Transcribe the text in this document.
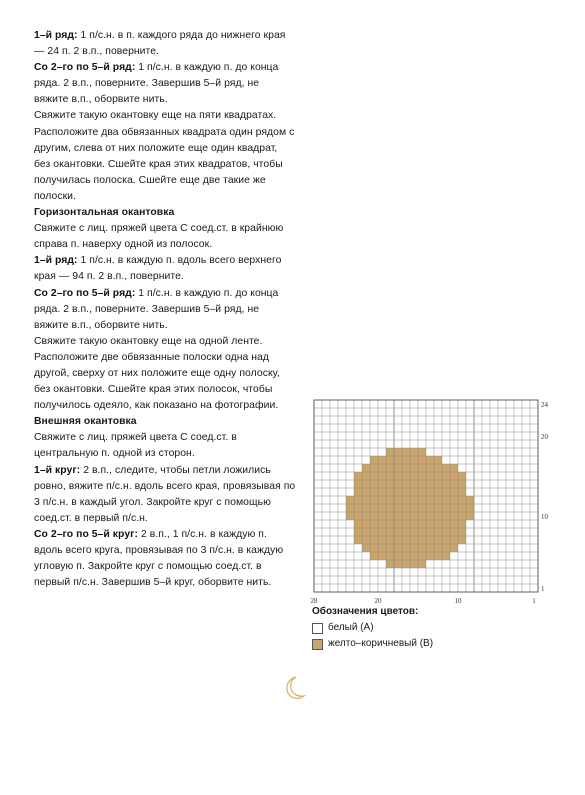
1–й ряд: 1 п/с.н. в п. каждого ряда до нижнего края — 24 п. 2 в.п., поверните.

Со 2–го по 5–й ряд: 1 п/с.н. в каждую п. до конца ряда. 2 в.п., поверните. Завершив 5–й ряд, не вяжите в.п., оборвите нить.

Свяжите такую окантовку еще на пяти квадратах. Расположите два обвязанных квадрата один рядом с другим, слева от них положите еще один квадрат, без окантовки. Сшейте края этих квадратов, чтобы получилась полоска. Сшейте еще две такие же полоски.

Горизонтальная окантовка

Свяжите с лиц. пряжей цвета С соед.ст. в крайнюю справа п. наверху одной из полосок.

1–й ряд: 1 п/с.н. в каждую п. вдоль всего верхнего края — 94 п. 2 в.п., поверните.

Со 2–го по 5–й ряд: 1 п/с.н. в каждую п. до конца ряда. 2 в.п., поверните. Завершив 5–й ряд, не вяжите в.п., оборвите нить.

Свяжите такую окантовку еще на одной ленте. Расположите две обвязанные полоски одна над другой, сверху от них положите еще одну полоску, без окантовки. Сшейте края этих полосок, чтобы получилось одеяло, как показано на фотографии.

Внешняя окантовка

Свяжите с лиц. пряжей цвета С соед.ст. в центральную п. одной из сторон.

1–й круг: 2 в.п., следите, чтобы петли ложились ровно, вяжите п/с.н. вдоль всего края, провязывая по 3 п/с.н. в каждый угол. Закройте круг с помощью соед.ст. в первый п/с.н.

Со 2–го по 5–й круг: 2 в.п., 1 п/с.н. в каждую п. вдоль всего круга, провязывая по 3 п/с.н. в каждую угловую п. Закройте круг с помощью соед.ст. в первый п/с.н. Завершив 5–й круг, оборвите нить.

28	20	10	1
24
20
10
1
Обозначения цветов:
белый (A)
желто–коричневый (B)
